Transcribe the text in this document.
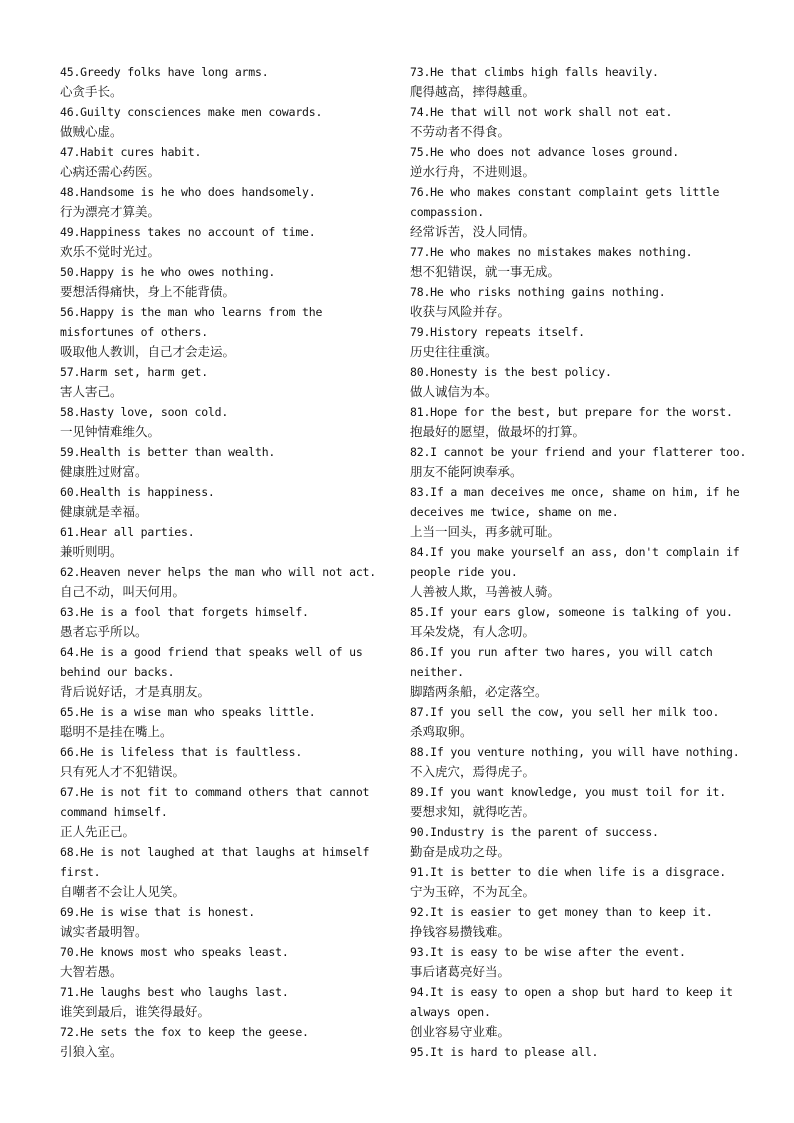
45.Greedy folks have long arms.
心贪手长。
46.Guilty consciences make men cowards.
做贼心虚。
47.Habit cures habit.
心病还需心药医。
48.Handsome is he who does handsomely.
行为漂亮才算美。
49.Happiness takes no account of time.
欢乐不觉时光过。
50.Happy is he who owes nothing.
要想活得痛快，身上不能背债。
56.Happy is the man who learns from the
misfortunes of others.
吸取他人教训，自己才会走运。
57.Harm set, harm get.
害人害己。
58.Hasty love, soon cold.
一见钟情难维久。
59.Health is better than wealth.
健康胜过财富。
60.Health is happiness.
健康就是幸福。
61.Hear all parties.
兼听则明。
62.Heaven never helps the man who will not act.
自己不动，叫天何用。
63.He is a fool that forgets himself.
愚者忘乎所以。
64.He is a good friend that speaks well of us
behind our backs.
背后说好话，才是真朋友。
65.He is a wise man who speaks little.
聪明不是挂在嘴上。
66.He is lifeless that is faultless.
只有死人才不犯错误。
67.He is not fit to command others that cannot
command himself.
正人先正己。
68.He is not laughed at that laughs at himself
first.
自嘲者不会让人见笑。
69.He is wise that is honest.
诚实者最明智。
70.He knows most who speaks least.
大智若愚。
71.He laughs best who laughs last.
谁笑到最后，谁笑得最好。
72.He sets the fox to keep the geese.
引狼入室。
73.He that climbs high falls heavily.
爬得越高，摔得越重。
74.He that will not work shall not eat.
不劳动者不得食。
75.He who does not advance loses ground.
逆水行舟，不进则退。
76.He who makes constant complaint gets little
compassion.
经常诉苦，没人同情。
77.He who makes no mistakes makes nothing.
想不犯错误，就一事无成。
78.He who risks nothing gains nothing.
收获与风险并存。
79.History repeats itself.
历史往往重演。
80.Honesty is the best policy.
做人诚信为本。
81.Hope for the best, but prepare for the worst.
抱最好的愿望，做最坏的打算。
82.I cannot be your friend and your flatterer too.
朋友不能阿谀奉承。
83.If a man deceives me once, shame on him, if he
deceives me twice, shame on me.
上当一回头，再多就可耻。
84.If you make yourself an ass, don't complain if
people ride you.
人善被人欺，马善被人骑。
85.If your ears glow, someone is talking of you.
耳朵发烧，有人念叨。
86.If you run after two hares, you will catch
neither.
脚踏两条船，必定落空。
87.If you sell the cow, you sell her milk too.
杀鸡取卵。
88.If you venture nothing, you will have nothing.
不入虎穴，焉得虎子。
89.If you want knowledge, you must toil for it.
要想求知，就得吃苦。
90.Industry is the parent of success.
勤奋是成功之母。
91.It is better to die when life is a disgrace.
宁为玉碎，不为瓦全。
92.It is easier to get money than to keep it.
挣钱容易攒钱难。
93.It is easy to be wise after the event.
事后诸葛亮好当。
94.It is easy to open a shop but hard to keep it
always open.
创业容易守业难。
95.It is hard to please all.
